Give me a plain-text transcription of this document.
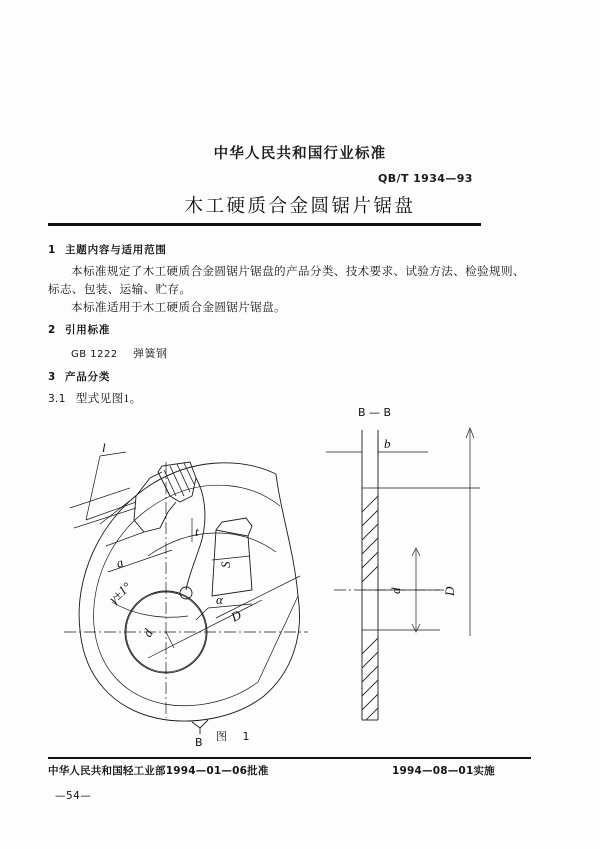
中华人民共和国行业标准
QB/T 1934—93
木工硬质合金圆锯片锯盘
1 主题内容与适用范围
本标准规定了木工硬质合金圆锯片锯盘的产品分类、技术要求、试验方法、检验规则、
标志、包装、运输、贮存。
本标准适用于木工硬质合金圆锯片锯盘。
2 引用标准
GB 1222 弹簧钢
3 产品分类
3.1 型式见图1。
l
a
γ±1°
t
S
α
D
d
B
B — B
b
d	D
图 1
中华人民共和国轻工业部1994—01—06批准	1994—08—01实施
—54—
